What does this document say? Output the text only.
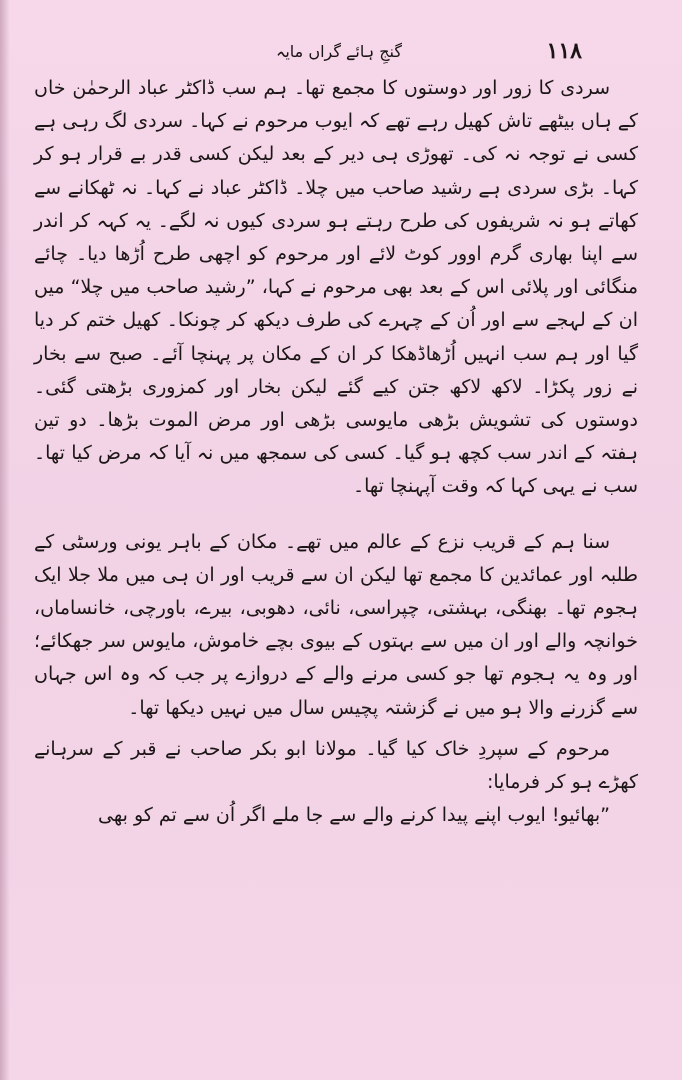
۱۱۸
گنجِ ہائے گراں مایہ

سردی کا زور اور دوستوں کا مجمع تھا۔ ہم سب ڈاکٹر عباد الرحمٰن خاں کے ہاں بیٹھے تاش کھیل رہے تھے کہ ایوب مرحوم نے کہا۔ سردی لگ رہی ہے کسی نے توجہ نہ کی۔ تھوڑی ہی دیر کے بعد لیکن کسی قدر بے قرار ہو کر کہا۔ بڑی سردی ہے رشید صاحب میں چلا۔ ڈاکٹر عباد نے کہا۔ نہ ٹھکانے سے کھاتے ہو نہ شریفوں کی طرح رہتے ہو سردی کیوں نہ لگے۔ یہ کہہ کر اندر سے اپنا بھاری گرم اوور کوٹ لائے اور مرحوم کو اچھی طرح اُڑھا دیا۔ چائے منگائی اور پلائی اس کے بعد بھی مرحوم نے کہا، ”رشید صاحب میں چلا“ میں ان کے لہجے سے اور اُن کے چہرے کی طرف دیکھ کر چونکا۔ کھیل ختم کر دیا گیا اور ہم سب انہیں اُڑھاڈھکا کر ان کے مکان پر پہنچا آئے۔ صبح سے بخار نے زور پکڑا۔ لاکھ لاکھ جتن کیے گئے لیکن بخار اور کمزوری بڑھتی گئی۔ دوستوں کی تشویش بڑھی مایوسی بڑھی اور مرض الموت بڑھا۔ دو تین ہفتہ کے اندر سب کچھ ہو گیا۔ کسی کی سمجھ میں نہ آیا کہ مرض کیا تھا۔ سب نے یہی کہا کہ وقت آپہنچا تھا۔

سنا ہم کے قریب نزع کے عالم میں تھے۔ مکان کے باہر یونی ورسٹی کے طلبہ اور عمائدین کا مجمع تھا لیکن ان سے قریب اور ان ہی میں ملا جلا ایک ہجوم تھا۔ بھنگی، بہشتی، چپراسی، نائی، دھوبی، بیرے، باورچی، خانساماں، خوانچہ والے اور ان میں سے بہتوں کے بیوی بچے خاموش، مایوس سر جھکائے؛ اور وہ یہ ہجوم تھا جو کسی مرنے والے کے دروازے پر جب کہ وہ اس جہاں سے گزرنے والا ہو میں نے گزشتہ پچیس سال میں نہیں دیکھا تھا۔

مرحوم کے سپردِ خاک کیا گیا۔ مولانا ابو بکر صاحب نے قبر کے سرہانے کھڑے ہو کر فرمایا:

”بھائیو! ایوب اپنے پیدا کرنے والے سے جا ملے اگر اُن سے تم کو بھی
